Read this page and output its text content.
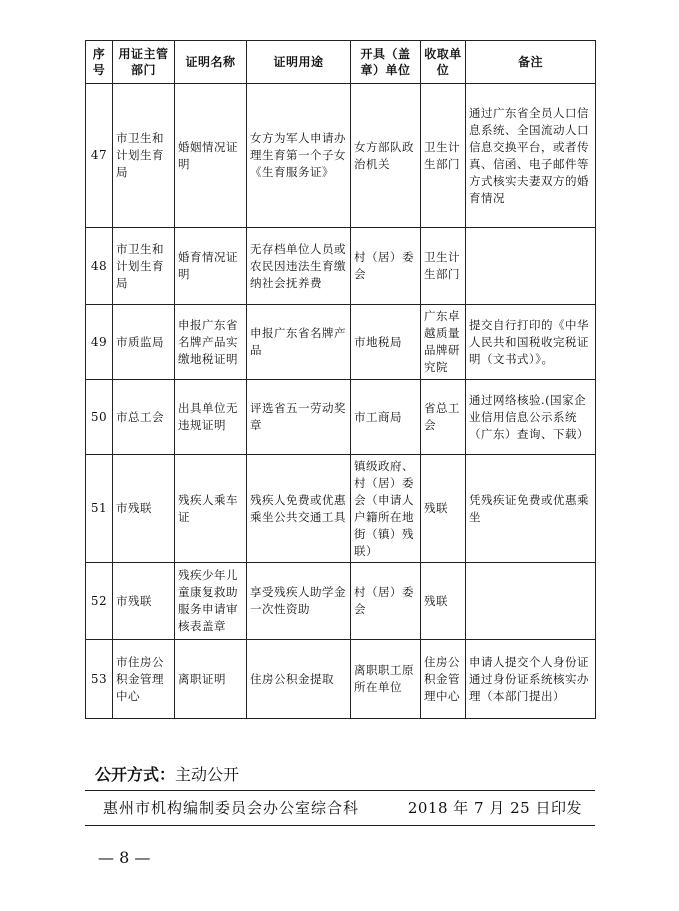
序号	用证主管部门	证明名称	证明用途	开具（盖章）单位	收取单位	备注
47	市卫生和计划生育局	婚姻情况证明	女方为军人申请办理生育第一个子女《生育服务证》	女方部队政治机关	卫生计生部门	通过广东省全员人口信息系统、全国流动人口信息交换平台，或者传真、信函、电子邮件等方式核实夫妻双方的婚育情况
48	市卫生和计划生育局	婚育情况证明	无存档单位人员或农民因违法生育缴纳社会抚养费	村（居）委会	卫生计生部门	
49	市质监局	申报广东省名牌产品实缴地税证明	申报广东省名牌产品	市地税局	广东卓越质量品牌研究院	提交自行打印的《中华人民共和国税收完税证明（文书式）》。
50	市总工会	出具单位无违规证明	评选省五一劳动奖章	市工商局	省总工会	通过网络核验.(国家企业信用信息公示系统（广东）查询、下载）
51	市残联	残疾人乘车证	残疾人免费或优惠乘坐公共交通工具	镇级政府、村（居）委会（申请人户籍所在地街（镇）残联）	残联	凭残疾证免费或优惠乘坐
52	市残联	残疾少年儿童康复救助服务申请审核表盖章	享受残疾人助学金一次性资助	村（居）委会	残联	
53	市住房公积金管理中心	离职证明	住房公积金提取	离职职工原所在单位	住房公积金管理中心	申请人提交个人身份证通过身份证系统核实办理（本部门提出）
公开方式：主动公开
惠州市机构编制委员会办公室综合科	2018 年 7 月 25 日印发
— 8 —
